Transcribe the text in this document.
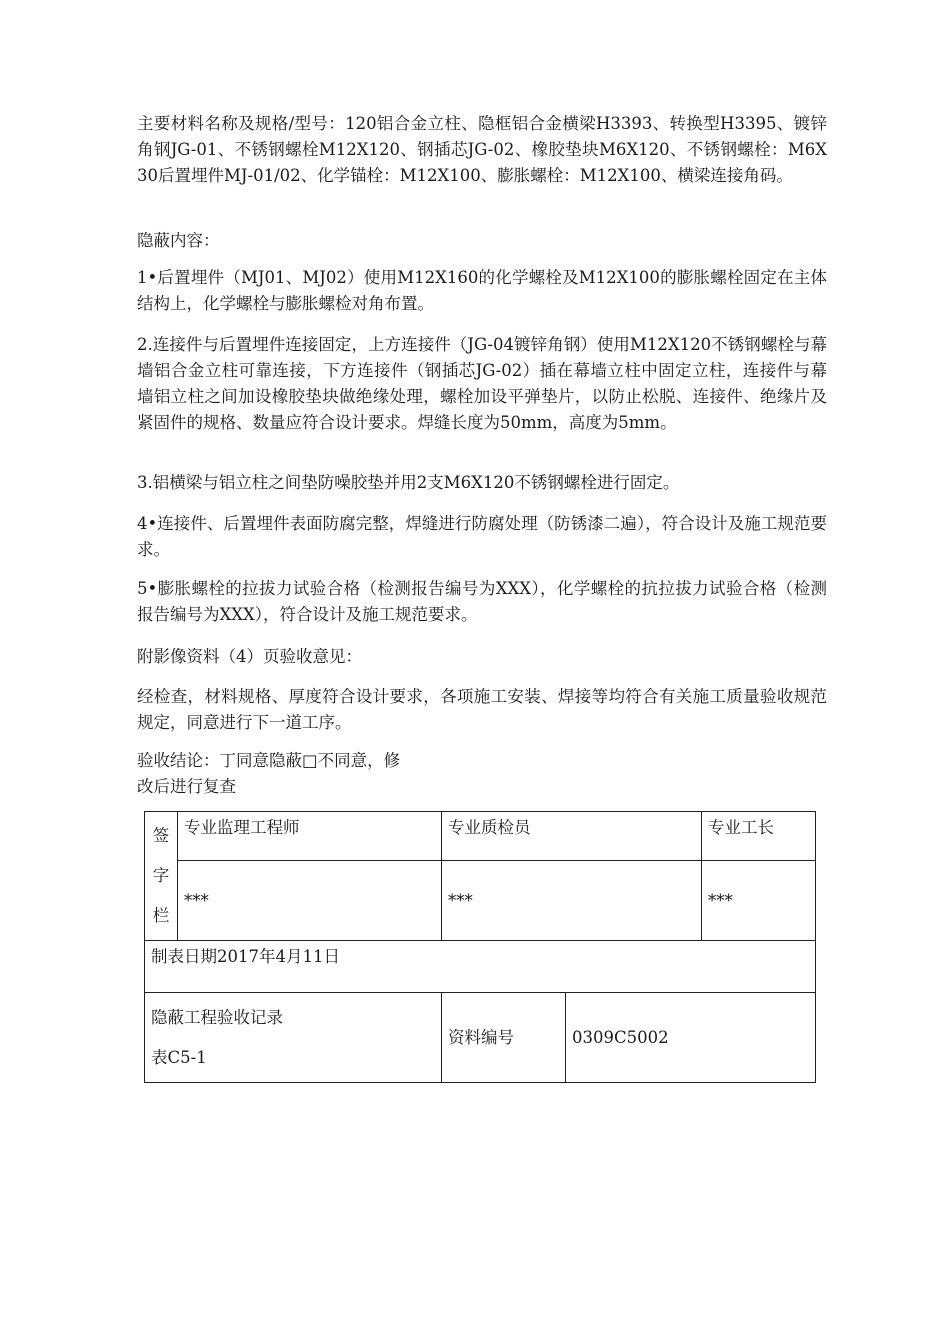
主要材料名称及规格/型号：120铝合金立柱、隐框铝合金横梁H3393、转换型H3395、镀锌角钢JG-01、不锈钢螺栓M12X120、钢插芯JG-02、橡胶垫块M6X120、不锈钢螺栓：M6X30后置埋件MJ-01/02、化学锚栓：M12X100、膨胀螺栓：M12X100、横梁连接角码。

隐蔽内容：

1•后置埋件（MJ01、MJ02）使用M12X160的化学螺栓及M12X100的膨胀螺栓固定在主体结构上，化学螺栓与膨胀螺检对角布置。

2.连接件与后置埋件连接固定，上方连接件（JG-04镀锌角钢）使用M12X120不锈钢螺栓与幕墙铝合金立柱可靠连接，下方连接件（钢插芯JG-02）插在幕墙立柱中固定立柱，连接件与幕墙铝立柱之间加设橡胶垫块做绝缘处理，螺栓加设平弹垫片，以防止松脱、连接件、绝缘片及紧固件的规格、数量应符合设计要求。焊缝长度为50mm，高度为5mm。

3.铝横梁与铝立柱之间垫防噪胶垫并用2支M6X120不锈钢螺栓进行固定。

4•连接件、后置埋件表面防腐完整，焊缝进行防腐处理（防锈漆二遍），符合设计及施工规范要求。

5•膨胀螺栓的拉拔力试验合格（检测报告编号为XXX），化学螺栓的抗拉拔力试验合格（检测报告编号为XXX），符合设计及施工规范要求。

附影像资料（4）页验收意见：

经检查，材料规格、厚度符合设计要求，各项施工安装、焊接等均符合有关施工质量验收规范规定，同意进行下一道工序。

验收结论：丁同意隐蔽□不同意，修

改后进行复查

签
字
栏	专业监理工程师	专业质检员		专业工长
	***	***		***
制表日期2017年4月11日				

隐蔽工程验收记录
表C5-1		资料编号	0309C5002	
